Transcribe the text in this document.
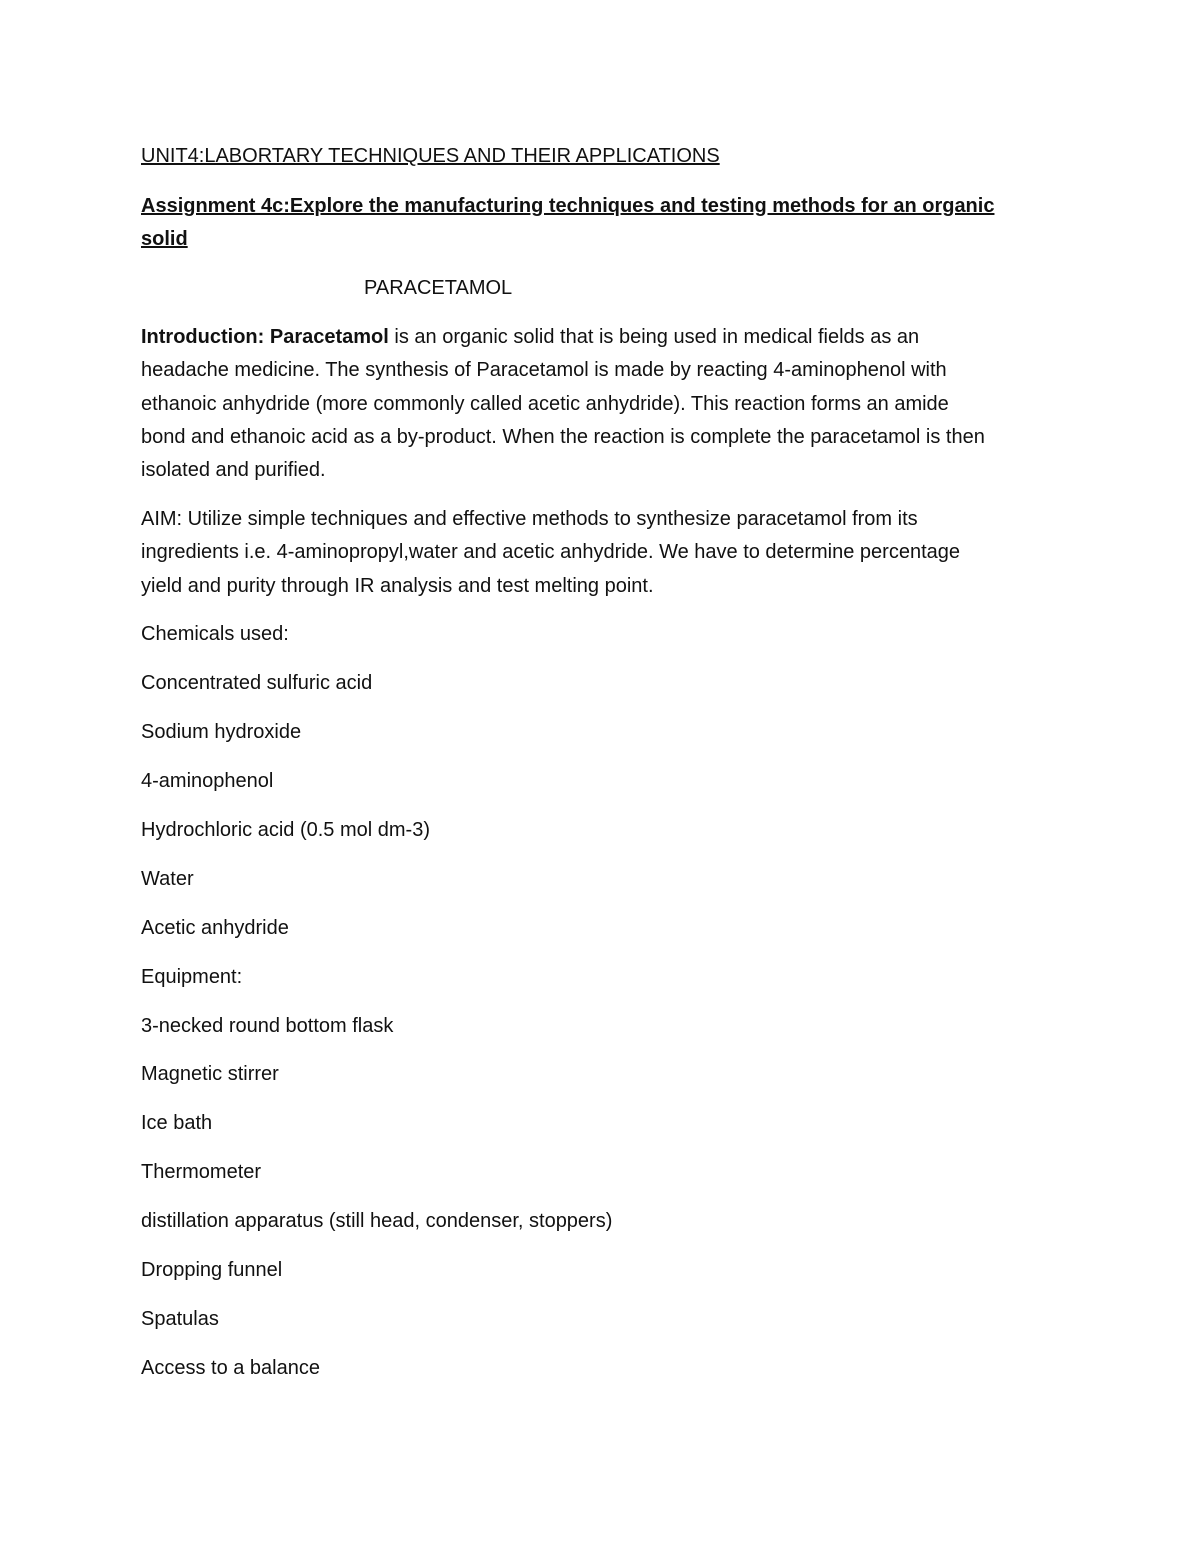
UNIT4:LABORTARY TECHNIQUES AND THEIR APPLICATIONS
Assignment 4c:Explore the manufacturing techniques and testing methods for an organic
solid
PARACETAMOL
Introduction: Paracetamol is an organic solid that is being used in medical fields as an
headache medicine. The synthesis of Paracetamol is made by reacting 4-aminophenol with
ethanoic anhydride (more commonly called acetic anhydride). This reaction forms an amide
bond and ethanoic acid as a by-product. When the reaction is complete the paracetamol is then
isolated and purified.
AIM: Utilize simple techniques and effective methods to synthesize paracetamol from its
ingredients i.e. 4-aminopropyl,water and acetic anhydride. We have to determine percentage
yield and purity through IR analysis and test melting point.
Chemicals used:
Concentrated sulfuric acid
Sodium hydroxide
4-aminophenol
Hydrochloric acid (0.5 mol dm-3)
Water
Acetic anhydride
Equipment:
3-necked round bottom flask
Magnetic stirrer
Ice bath
Thermometer
distillation apparatus (still head, condenser, stoppers)
Dropping funnel
Spatulas
Access to a balance
